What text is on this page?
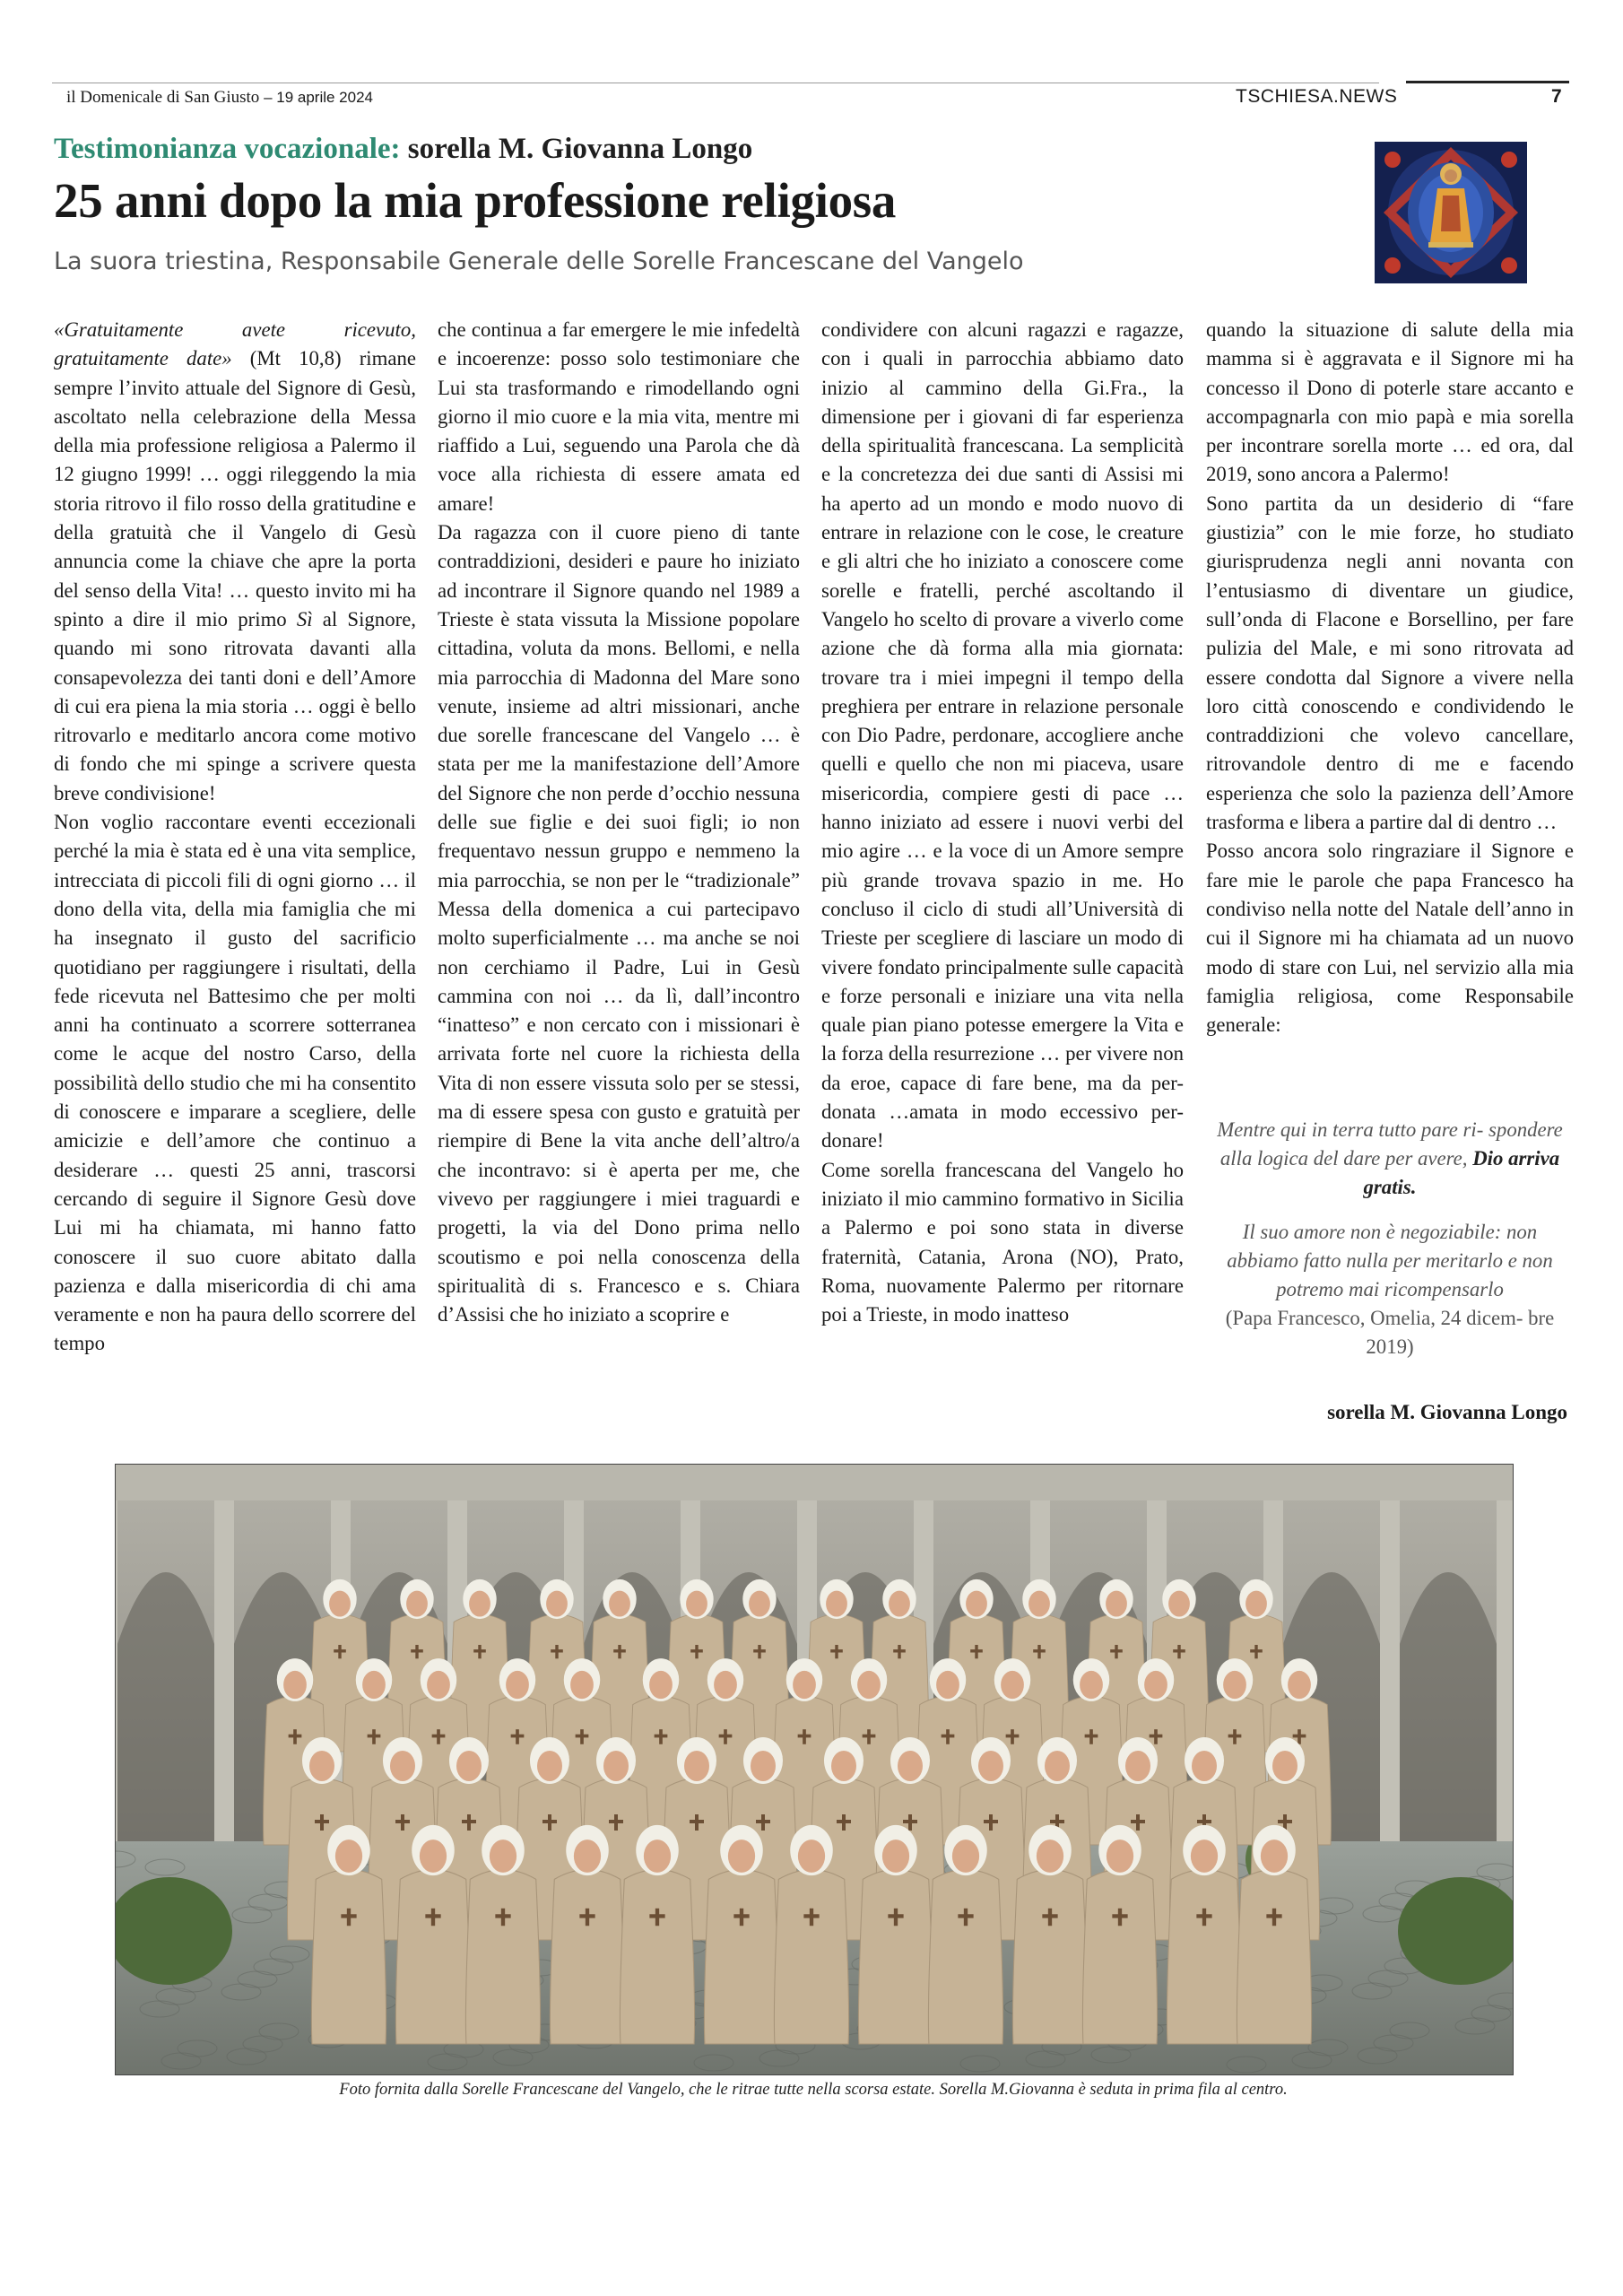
il Domenicale di San Giusto – 19 aprile 2024	TSCHIESA.NEWS	7
Testimonianza vocazionale: sorella M. Giovanna Longo
25 anni dopo la mia professione religiosa
La suora triestina, Responsabile Generale delle Sorelle Francescane del Vangelo

«Gratuitamente avete ricevuto, gratuitamente date» (Mt 10,8) rimane sempre l’invito attuale del Signore di Gesù, ascoltato nella celebrazione della Messa della mia professione religiosa a Palermo il 12 giugno 1999! … oggi rileggendo la mia storia ritrovo il filo rosso della gratitudine e della gratuità che il Vangelo di Gesù annuncia come la chiave che apre la porta del senso della Vita! … questo invito mi ha spinto a dire il mio primo Sì al Signore, quando mi sono ritrovata davanti alla consapevolezza dei tanti doni e dell’Amore di cui era piena la mia storia … oggi è bello ritrovarlo e meditarlo ancora come motivo di fondo che mi spinge a scrivere questa breve condivisione!

Non voglio raccontare eventi eccezionali perché la mia è stata ed è una vita semplice, intrecciata di piccoli fili di ogni giorno … il dono della vita, della mia famiglia che mi ha insegnato il gusto del sacrificio quotidiano per raggiungere i risultati, della fede ricevuta nel Battesimo che per molti anni ha continuato a scorrere sotterranea come le acque del nostro Carso, della possibilità dello studio che mi ha consentito di conoscere e imparare a scegliere, delle amicizie e dell’amore che continuo a desiderare … questi 25 anni, trascorsi cercando di seguire il Signore Gesù dove Lui mi ha chiamata, mi hanno fatto conoscere il suo cuore abitato dalla pazienza e dalla misericordia di chi ama veramente e non ha paura dello scorrere del tempo

che continua a far emergere le mie infedeltà e incoerenze: posso solo testimoniare che Lui sta trasformando e rimodellando ogni giorno il mio cuore e la mia vita, mentre mi riaffido a Lui, seguendo una Parola che dà voce alla richiesta di essere amata ed amare!

Da ragazza con il cuore pieno di tante contraddizioni, desideri e paure ho iniziato ad incontrare il Signore quando nel 1989 a Trieste è stata vissuta la Missione popolare cittadina, voluta da mons. Bellomi, e nella mia parrocchia di Madonna del Mare sono venute, insieme ad altri missionari, anche due sorelle francescane del Vangelo … è stata per me la manifestazione dell’Amore del Signore che non perde d’occhio nessuna delle sue figlie e dei suoi figli; io non frequentavo nessun gruppo e nemmeno la mia parrocchia, se non per le “tradizionale” Messa della domenica a cui partecipavo molto superficialmente … ma anche se noi non cerchiamo il Padre, Lui in Gesù cammina con noi … da lì, dall’incontro “inatteso” e non cercato con i missionari è arrivata forte nel cuore la richiesta della Vita di non essere vissuta solo per se stessi, ma di essere spesa con gusto e gratuità per riempire di Bene la vita anche dell’altro/a che incontravo: si è aperta per me, che vivevo per raggiungere i miei traguardi e progetti, la via del Dono prima nello scoutismo e poi nella conoscenza della spiritualità di s. Francesco e s. Chiara d’Assisi che ho iniziato a scoprire e

condividere con alcuni ragazzi e ragazze, con i quali in parrocchia abbiamo dato inizio al cammino della Gi.Fra., la dimensione per i giovani di far esperienza della spiritualità francescana. La semplicità e la concretezza dei due santi di Assisi mi ha aperto ad un mondo e modo nuovo di entrare in relazione con le cose, le creature e gli altri che ho iniziato a conoscere come sorelle e fratelli, perché ascoltando il Vangelo ho scelto di provare a viverlo come azione che dà forma alla mia giornata: trovare tra i miei impegni il tempo della preghiera per entrare in relazione personale con Dio Padre, perdonare, accogliere anche quelli e quello che non mi piaceva, usare misericordia, compiere gesti di pace … hanno iniziato ad essere i nuovi verbi del mio agire … e la voce di un Amore sempre più grande trovava spazio in me. Ho concluso il ciclo di studi all’Università di Trieste per scegliere di lasciare un modo di vivere fondato principalmente sulle capacità e forze personali e iniziare una vita nella quale pian piano potesse emergere la Vita e la forza della resurrezione … per vivere non da eroe, capace di fare bene, ma da per-donata …amata in modo eccessivo per-donare!

Come sorella francescana del Vangelo ho iniziato il mio cammino formativo in Sicilia a Palermo e poi sono stata in diverse fraternità, Catania, Arona (NO), Prato, Roma, nuovamente Palermo per ritornare poi a Trieste, in modo inatteso

quando la situazione di salute della mia mamma si è aggravata e il Signore mi ha concesso il Dono di poterle stare accanto e accompagnarla con mio papà e mia sorella per incontrare sorella morte … ed ora, dal 2019, sono ancora a Palermo!

Sono partita da un desiderio di “fare giustizia” con le mie forze, ho studiato giurisprudenza negli anni novanta con l’entusiasmo di diventare un giudice, sull’onda di Flacone e Borsellino, per fare pulizia del Male, e mi sono ritrovata ad essere condotta dal Signore a vivere nella loro città conoscendo e condividendo le contraddizioni che volevo cancellare, ritrovandole dentro di me e facendo esperienza che solo la pazienza dell’Amore trasforma e libera a partire dal di dentro …

Posso ancora solo ringraziare il Signore e fare mie le parole che papa Francesco ha condiviso nella notte del Natale dell’anno in cui il Signore mi ha chiamata ad un nuovo modo di stare con Lui, nel servizio alla mia famiglia religiosa, come Responsabile generale:

Mentre qui in terra tutto pare ri- spondere alla logica del dare per avere, Dio arriva gratis.
Il suo amore non è negoziabile: non abbiamo fatto nulla per meritarlo e non potremo mai ricompensarlo
(Papa Francesco, Omelia, 24 dicem- bre 2019)
sorella M. Giovanna Longo
Foto fornita dalla Sorelle Francescane del Vangelo, che le ritrae tutte nella scorsa estate. Sorella M.Giovanna è seduta in prima fila al centro.
